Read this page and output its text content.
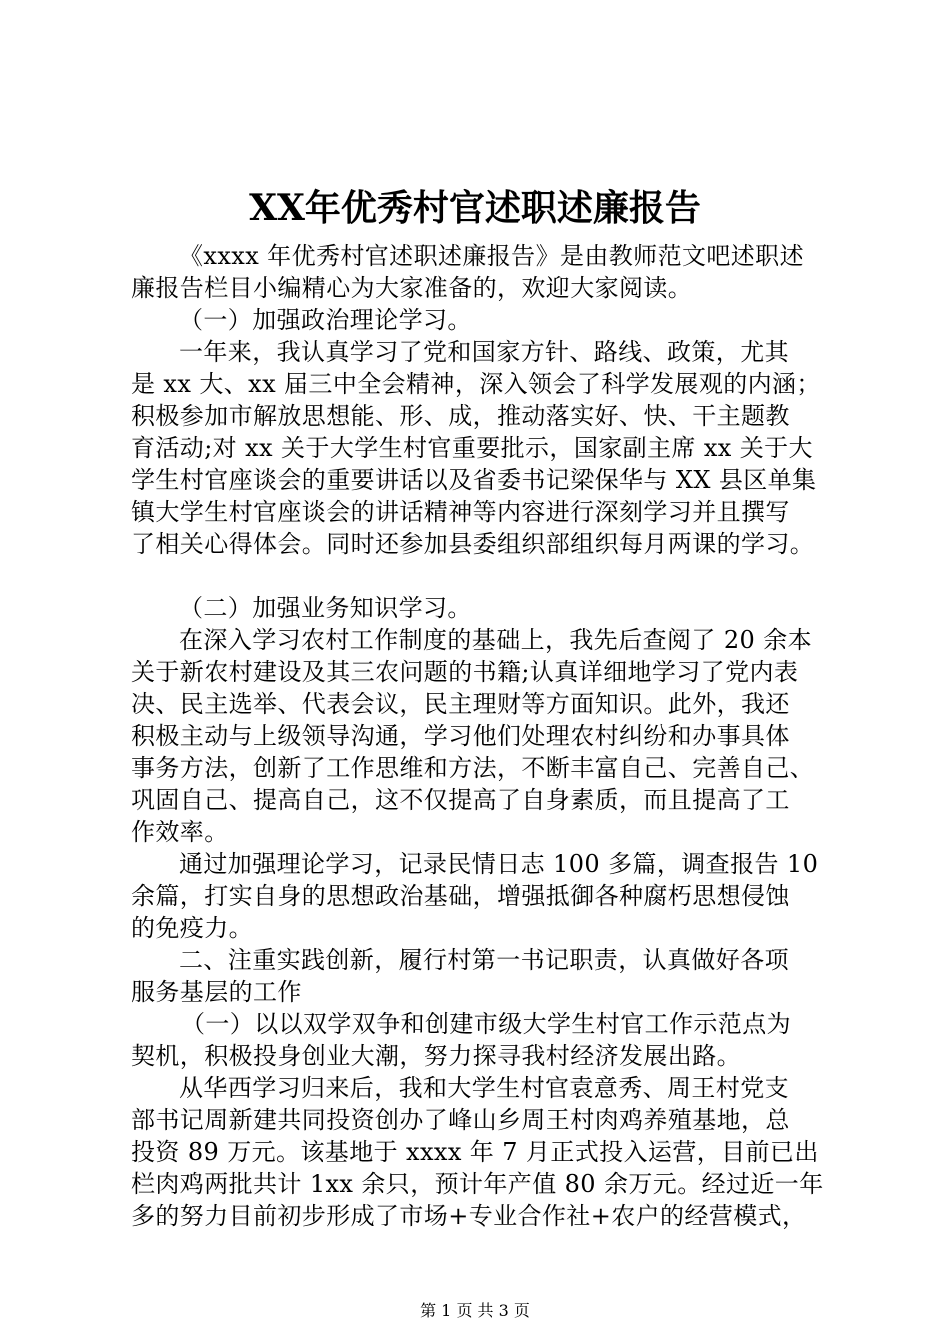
XX年优秀村官述职述廉报告
《xxxx 年优秀村官述职述廉报告》是由教师范文吧述职述
廉报告栏目小编精心为大家准备的，欢迎大家阅读。
（一）加强政治理论学习。
一年来，我认真学习了党和国家方针、路线、政策，尤其
是 xx 大、xx 届三中全会精神，深入领会了科学发展观的内涵；
积极参加市解放思想能、形、成，推动落实好、快、干主题教
育活动;对 xx 关于大学生村官重要批示，国家副主席 xx 关于大
学生村官座谈会的重要讲话以及省委书记梁保华与 XX 县区单集
镇大学生村官座谈会的讲话精神等内容进行深刻学习并且撰写
了相关心得体会。同时还参加县委组织部组织每月两课的学习。
（二）加强业务知识学习。
在深入学习农村工作制度的基础上，我先后查阅了 20 余本
关于新农村建设及其三农问题的书籍;认真详细地学习了党内表
决、民主选举、代表会议，民主理财等方面知识。此外，我还
积极主动与上级领导沟通，学习他们处理农村纠纷和办事具体
事务方法，创新了工作思维和方法，不断丰富自己、完善自己、
巩固自己、提高自己，这不仅提高了自身素质，而且提高了工
作效率。
通过加强理论学习，记录民情日志 100 多篇，调查报告 10
余篇，打实自身的思想政治基础，增强抵御各种腐朽思想侵蚀
的免疫力。
二、注重实践创新，履行村第一书记职责，认真做好各项
服务基层的工作
（一）以以双学双争和创建市级大学生村官工作示范点为
契机，积极投身创业大潮，努力探寻我村经济发展出路。
从华西学习归来后，我和大学生村官袁意秀、周王村党支
部书记周新建共同投资创办了峰山乡周王村肉鸡养殖基地，总
投资 89 万元。该基地于 xxxx 年 7 月正式投入运营，目前已出
栏肉鸡两批共计 1xx 余只，预计年产值 80 余万元。经过近一年
多的努力目前初步形成了市场+专业合作社+农户的经营模式，
第 1 页 共 3 页
